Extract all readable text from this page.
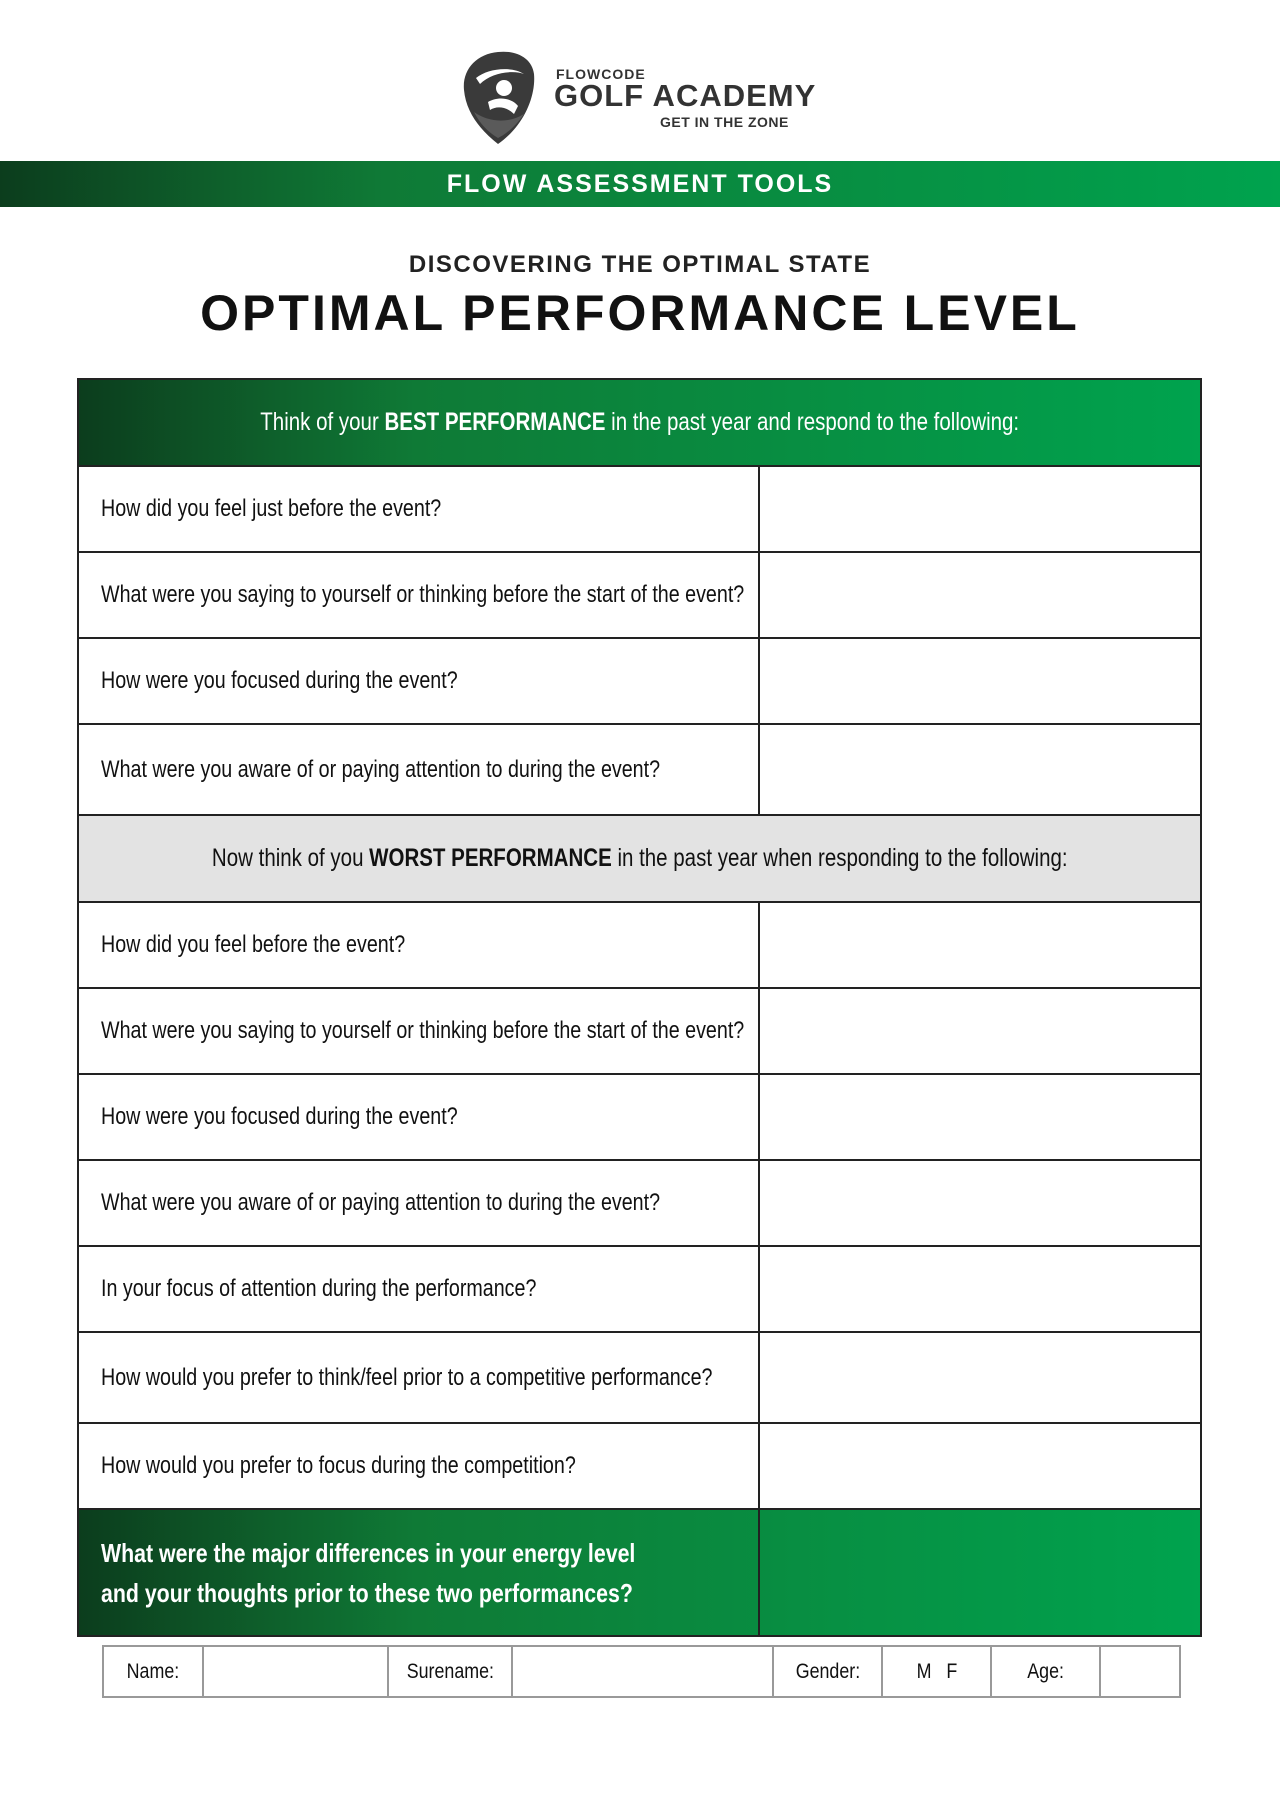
FLOWCODE
GOLF ACADEMY
GET IN THE ZONE
FLOW ASSESSMENT TOOLS
DISCOVERING THE OPTIMAL STATE
OPTIMAL PERFORMANCE LEVEL
Think of your BEST PERFORMANCE in the past year and respond to the following:
How did you feel just before the event?
What were you saying to yourself or thinking before the start of the event?
How were you focused during the event?
What were you aware of or paying attention to during the event?
Now think of you WORST PERFORMANCE in the past year when responding to the following:
How did you feel before the event?
What were you saying to yourself or thinking before the start of the event?
How were you focused during the event?
What were you aware of or paying attention to during the event?
In your focus of attention during the performance?
How would you prefer to think/feel prior to a competitive performance?
How would you prefer to focus during the competition?
What were the major differences in your energy level
and your thoughts prior to these two performances?
Name:	Surename:	Gender:	M   F	Age:
